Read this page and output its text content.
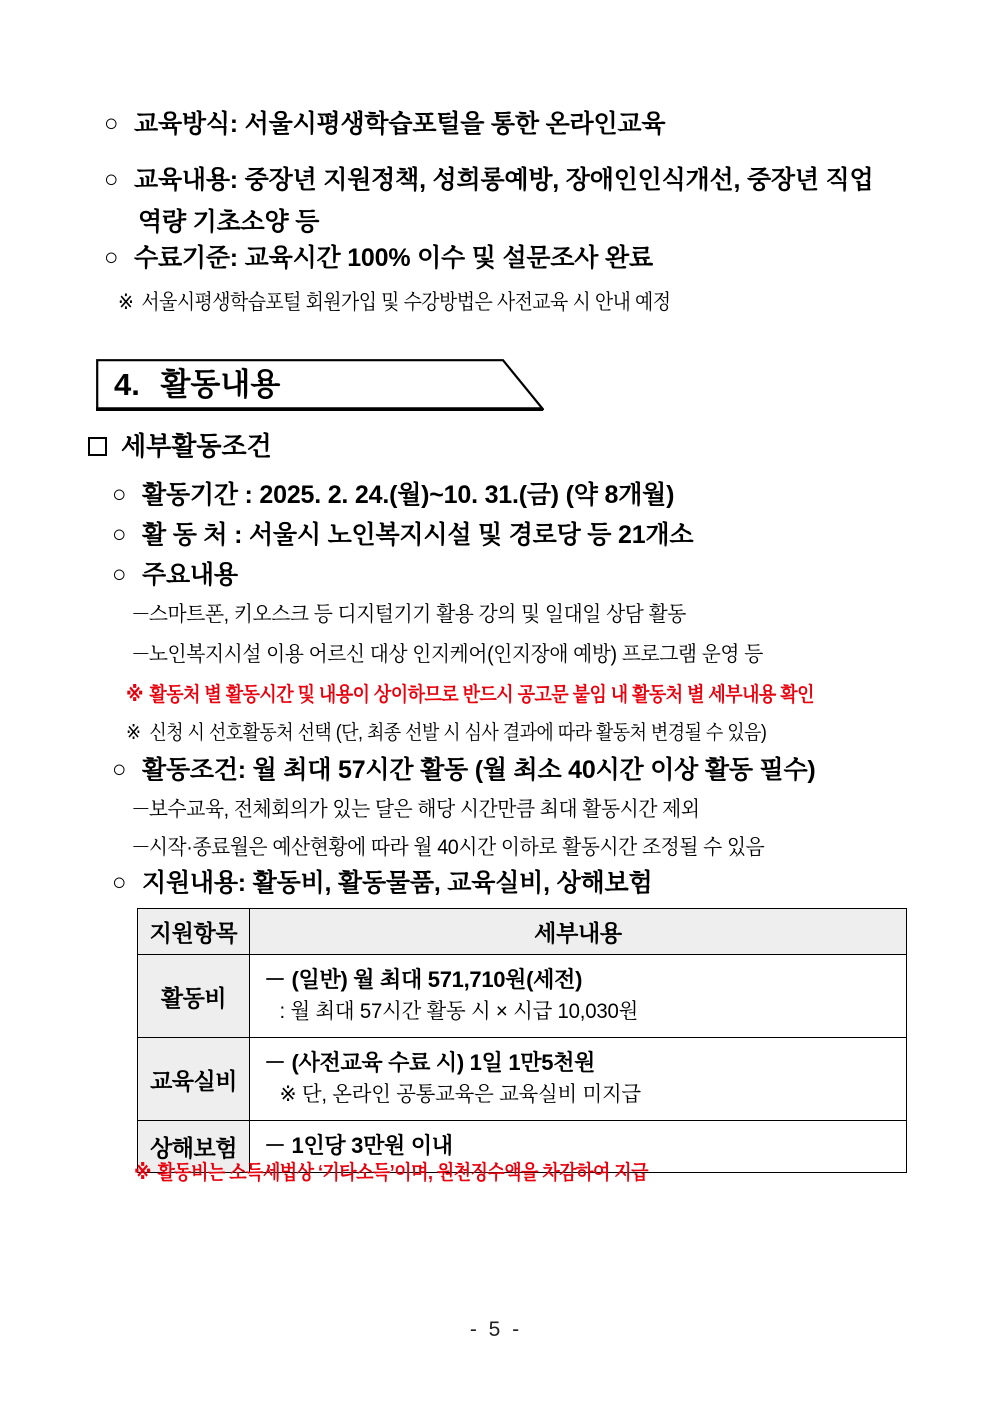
○ 교육방식: 서울시평생학습포털을 통한 온라인교육
○ 교육내용: 중장년 지원정책, 성희롱예방, 장애인인식개선, 중장년 직업
역량 기초소양 등
○ 수료기준: 교육시간 100% 이수 및 설문조사 완료
※ 서울시평생학습포털 회원가입 및 수강방법은 사전교육 시 안내 예정
4. 활동내용
세부활동조건
○ 활동기간 : 2025. 2. 24.(월)~10. 31.(금) (약 8개월)
○ 활 동 처 : 서울시 노인복지시설 및 경로당 등 21개소
○ 주요내용
－
스마트폰, 키오스크 등 디지털기기 활용 강의 및 일대일 상담 활동
－
노인복지시설 이용 어르신 대상 인지케어(인지장애 예방) 프로그램 운영 등
※ 활동처 별 활동시간 및 내용이 상이하므로 반드시 공고문 붙임 내 활동처 별 세부내용 확인
※ 신청 시 선호활동처 선택 (단, 최종 선발 시 심사 결과에 따라 활동처 변경될 수 있음)
○ 활동조건: 월 최대 57시간 활동 (월 최소 40시간 이상 활동 필수)
－
보수교육, 전체회의가 있는 달은 해당 시간만큼 최대 활동시간 제외
－
시작·종료월은 예산현황에 따라 월 40시간 이하로 활동시간 조정될 수 있음
○ 지원내용: 활동비, 활동물품, 교육실비, 상해보험
지원항목	세부내용
활동비	－ (일반) 월 최대 571,710원(세전)
: 월 최대 57시간 활동 시 × 시급 10,030원

교육실비	－ (사전교육 수료 시) 1일 1만5천원
※ 단, 온라인 공통교육은 교육실비 미지급

상해보험	－ 1인당 3만원 이내
※ 활동비는 소득세법상 ‘기타소득’이며, 원천징수액을 차감하여 지급
- 5 -
